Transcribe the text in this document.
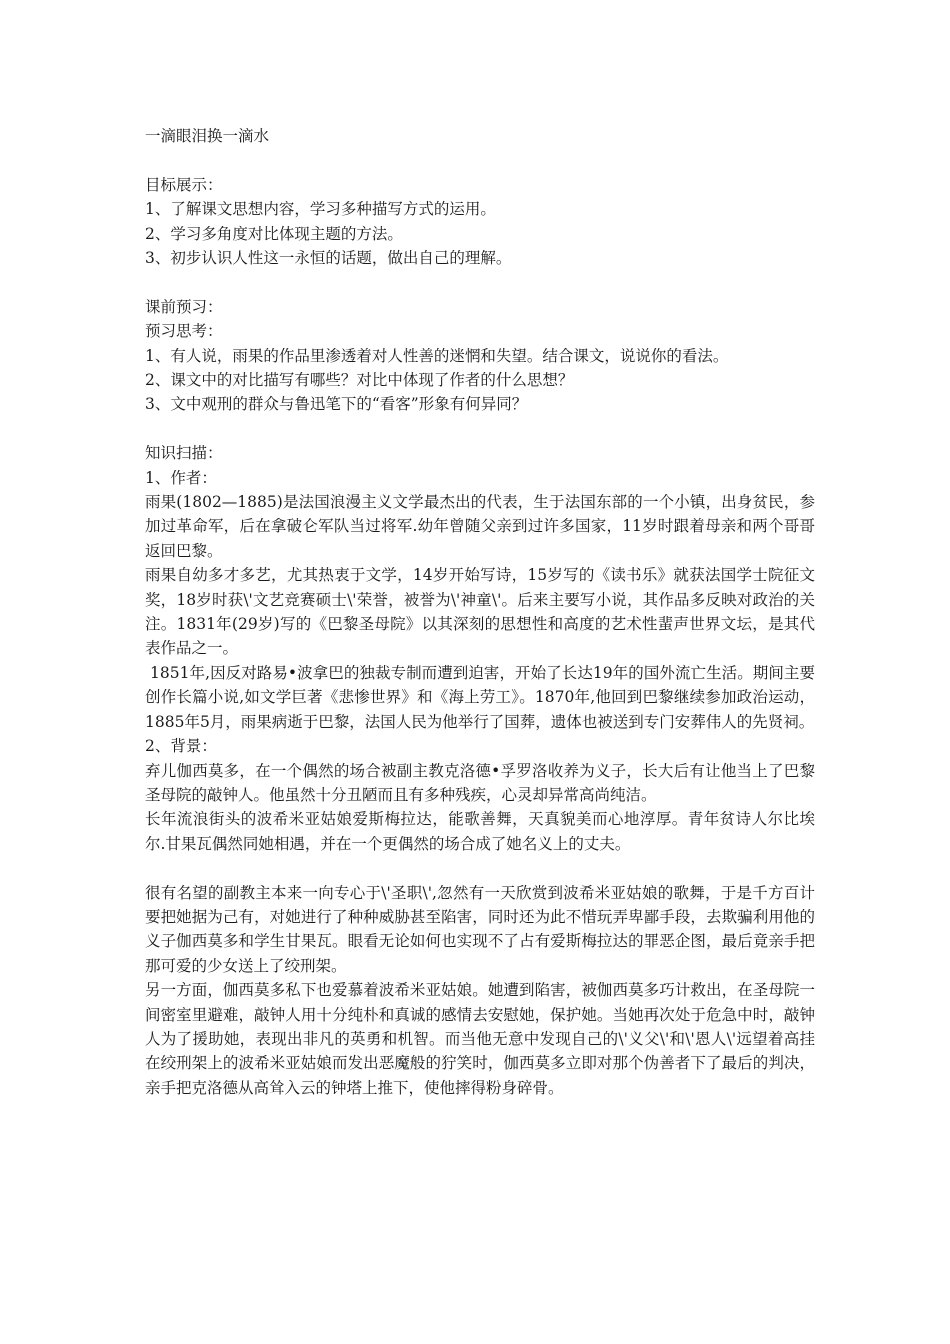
一滴眼泪换一滴水

目标展示：

1、了解课文思想内容，学习多种描写方式的运用。

2、学习多角度对比体现主题的方法。

3、初步认识人性这一永恒的话题，做出自己的理解。

课前预习：

预习思考：

1、有人说，雨果的作品里渗透着对人性善的迷惘和失望。结合课文，说说你的看法。

2、课文中的对比描写有哪些？对比中体现了作者的什么思想？

3、文中观刑的群众与鲁迅笔下的“看客”形象有何异同？

知识扫描：

1、作者：

雨果(1802—1885)是法国浪漫主义文学最杰出的代表，生于法国东部的一个小镇，出身贫民，参加过革命军，后在拿破仑军队当过将军.幼年曾随父亲到过许多国家，11岁时跟着母亲和两个哥哥返回巴黎。

雨果自幼多才多艺，尤其热衷于文学，14岁开始写诗，15岁写的《读书乐》就获法国学士院征文奖，18岁时获\'文艺竞赛硕士\'荣誉，被誉为\'神童\'。后来主要写小说，其作品多反映对政治的关注。1831年(29岁)写的《巴黎圣母院》以其深刻的思想性和高度的艺术性蜚声世界文坛，是其代表作品之一。

1851年,因反对路易•波拿巴的独裁专制而遭到迫害，开始了长达19年的国外流亡生活。期间主要创作长篇小说,如文学巨著《悲惨世界》和《海上劳工》。1870年,他回到巴黎继续参加政治运动，1885年5月，雨果病逝于巴黎，法国人民为他举行了国葬，遗体也被送到专门安葬伟人的先贤祠。

2、背景：

弃儿伽西莫多，在一个偶然的场合被副主教克洛德•孚罗洛收养为义子，长大后有让他当上了巴黎圣母院的敲钟人。他虽然十分丑陋而且有多种残疾，心灵却异常高尚纯洁。

长年流浪街头的波希米亚姑娘爱斯梅拉达，能歌善舞，天真貌美而心地淳厚。青年贫诗人尔比埃尔.甘果瓦偶然同她相遇，并在一个更偶然的场合成了她名义上的丈夫。

很有名望的副教主本来一向专心于\'圣职\',忽然有一天欣赏到波希米亚姑娘的歌舞，于是千方百计要把她据为己有，对她进行了种种威胁甚至陷害，同时还为此不惜玩弄卑鄙手段，去欺骗利用他的义子伽西莫多和学生甘果瓦。眼看无论如何也实现不了占有爱斯梅拉达的罪恶企图，最后竟亲手把那可爱的少女送上了绞刑架。

另一方面，伽西莫多私下也爱慕着波希米亚姑娘。她遭到陷害，被伽西莫多巧计救出，在圣母院一间密室里避难，敲钟人用十分纯朴和真诚的感情去安慰她，保护她。当她再次处于危急中时，敲钟人为了援助她，表现出非凡的英勇和机智。而当他无意中发现自己的\'义父\'和\'恩人\'远望着高挂在绞刑架上的波希米亚姑娘而发出恶魔般的狞笑时，伽西莫多立即对那个伪善者下了最后的判决，亲手把克洛德从高耸入云的钟塔上推下，使他摔得粉身碎骨。
